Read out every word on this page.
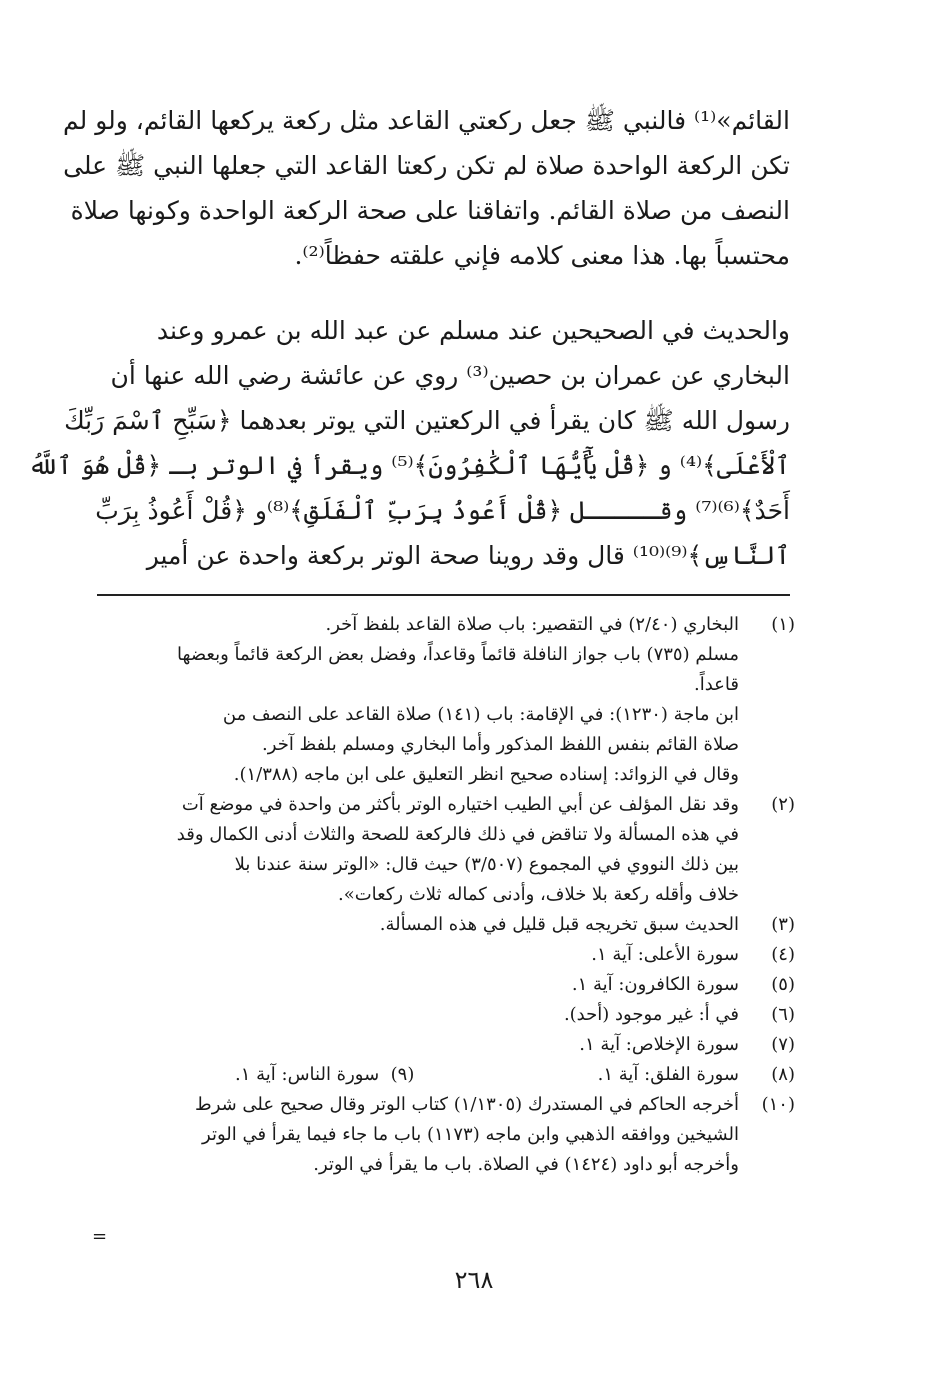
القائم»⁽¹⁾ فالنبي ﷺ جعل ركعتي القاعد مثل ركعة يركعها القائم، ولو لم
تكن الركعة الواحدة صلاة لم تكن ركعتا القاعد التي جعلها النبي ﷺ على
النصف من صلاة القائم. واتفاقنا على صحة الركعة الواحدة وكونها صلاة
محتسباً بها. هذا معنى كلامه فإني علقته حفظاً⁽²⁾.
والحديث في الصحيحين عند مسلم عن عبد الله بن عمرو وعند
البخاري عن عمران بن حصين⁽³⁾ روي عن عائشة رضي الله عنها أن
رسول الله ﷺ كان يقرأ في الركعتين التي يوتر بعدهما ﴿سَبِّحِ ٱسْمَ رَبِّكَ
ٱلْأَعْلَى﴾⁽⁴⁾ و ﴿قُلْ يَٰٓأَيُّهَا ٱلْكَٰفِرُونَ﴾⁽⁵⁾ ويقرأ في الوتر بـ ﴿قُلْ هُوَ ٱللَّهُ
أَحَدٌ﴾⁽⁶⁾⁽⁷⁾ وقـــــل ﴿قُلْ أَعُوذُ بِرَبِّ ٱلْفَلَقِ﴾⁽⁸⁾و ﴿قُلْ أَعُوذُ بِرَبِّ
ٱلنَّاسِ﴾⁽⁹⁾⁽¹⁰⁾ قال وقد روينا صحة الوتر بركعة واحدة عن أمير
(١)
البخاري (٢/٤٠) في التقصير: باب صلاة القاعد بلفظ آخر.
مسلم (٧٣٥) باب جواز النافلة قائماً وقاعداً، وفضل بعض الركعة قائماً وبعضها
قاعداً.
ابن ماجة (١٢٣٠): في الإقامة: باب (١٤١) صلاة القاعد على النصف من
صلاة القائم بنفس اللفظ المذكور وأما البخاري ومسلم بلفظ آخر.
وقال في الزوائد: إسناده صحيح انظر التعليق على ابن ماجه (١/٣٨٨).
(٢)
وقد نقل المؤلف عن أبي الطيب اختياره الوتر بأكثر من واحدة في موضع آت
في هذه المسألة ولا تناقض في ذلك فالركعة للصحة والثلاث أدنى الكمال وقد
بين ذلك النووي في المجموع (٣/٥٠٧) حيث قال: «الوتر سنة عندنا بلا
خلاف وأقله ركعة بلا خلاف، وأدنى كماله ثلاث ركعات».
(٣)
الحديث سبق تخريجه قبل قليل في هذه المسألة.
(٤)
سورة الأعلى: آية ١.
(٥)
سورة الكافرون: آية ١.
(٦)
في أ: غير موجود (أحد).
(٧)
سورة الإخلاص: آية ١.
(٨)
سورة الفلق: آية ١.
(٩)  سورة الناس: آية ١.
(١٠)
أخرجه الحاكم في المستدرك (١/١٣٠٥) كتاب الوتر وقال صحيح على شرط
الشيخين ووافقه الذهبي وابن ماجه (١١٧٣) باب ما جاء فيما يقرأ في الوتر
وأخرجه أبو داود (١٤٢٤) في الصلاة. باب ما يقرأ في الوتر.
=
٢٦٨
